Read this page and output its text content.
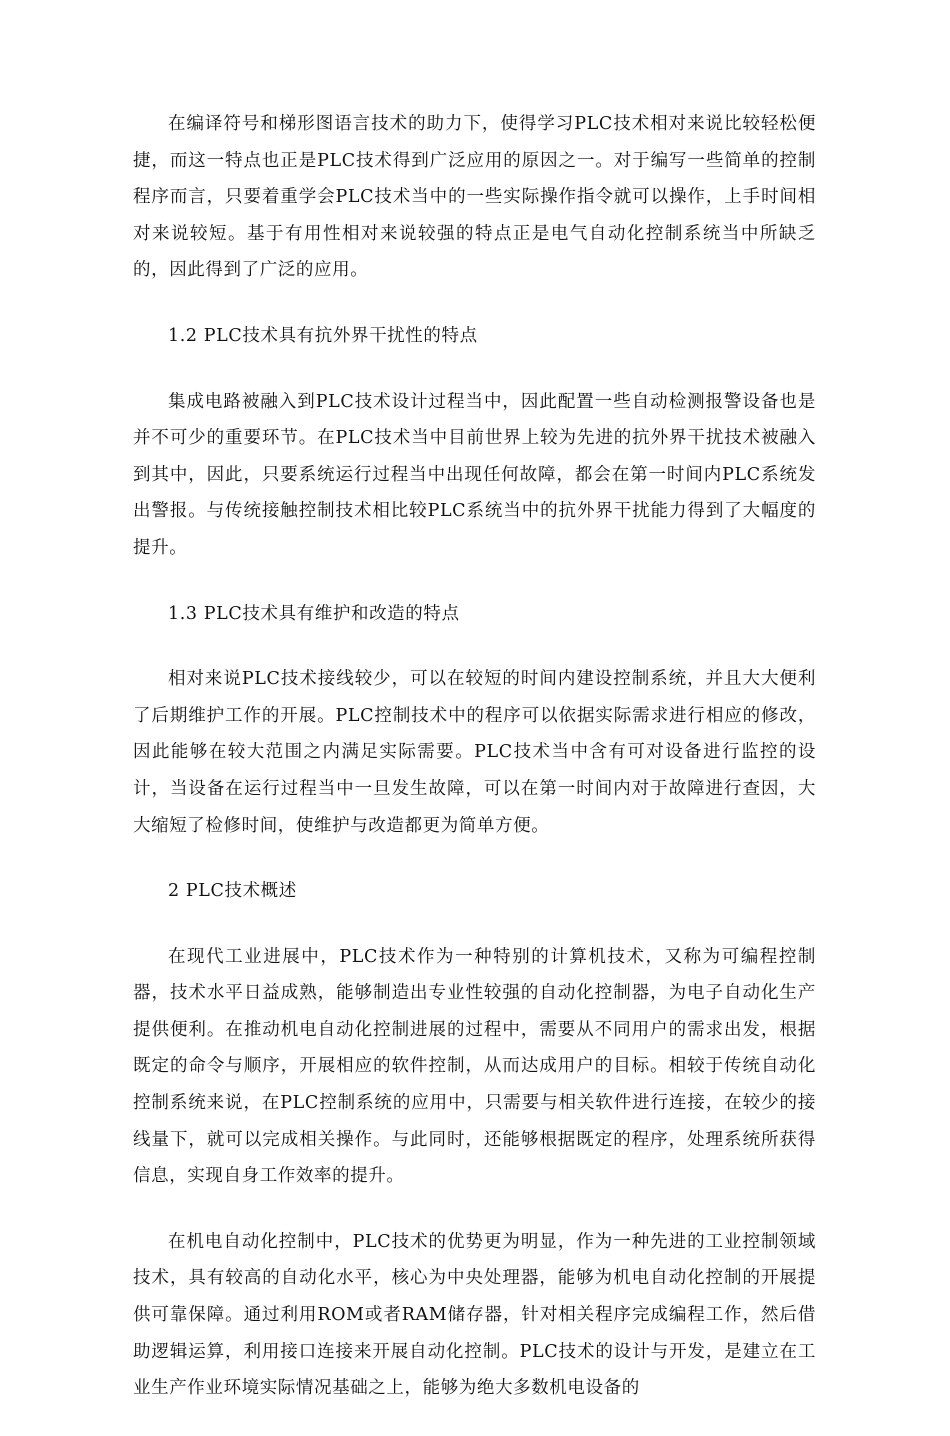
在编译符号和梯形图语言技术的助力下，使得学习PLC技术相对来说比较轻松便捷，而这一特点也正是PLC技术得到广泛应用的原因之一。对于编写一些简单的控制程序而言，只要着重学会PLC技术当中的一些实际操作指令就可以操作，上手时间相对来说较短。基于有用性相对来说较强的特点正是电气自动化控制系统当中所缺乏的，因此得到了广泛的应用。

1.2 PLC技术具有抗外界干扰性的特点

集成电路被融入到PLC技术设计过程当中，因此配置一些自动检测报警设备也是并不可少的重要环节。在PLC技术当中目前世界上较为先进的抗外界干扰技术被融入到其中，因此，只要系统运行过程当中出现任何故障，都会在第一时间内PLC系统发出警报。与传统接触控制技术相比较PLC系统当中的抗外界干扰能力得到了大幅度的提升。

1.3 PLC技术具有维护和改造的特点

相对来说PLC技术接线较少，可以在较短的时间内建设控制系统，并且大大便利了后期维护工作的开展。PLC控制技术中的程序可以依据实际需求进行相应的修改，因此能够在较大范围之内满足实际需要。PLC技术当中含有可对设备进行监控的设计，当设备在运行过程当中一旦发生故障，可以在第一时间内对于故障进行查因，大大缩短了检修时间，使维护与改造都更为简单方便。

2 PLC技术概述

在现代工业进展中，PLC技术作为一种特别的计算机技术，又称为可编程控制器，技术水平日益成熟，能够制造出专业性较强的自动化控制器，为电子自动化生产提供便利。在推动机电自动化控制进展的过程中，需要从不同用户的需求出发，根据既定的命令与顺序，开展相应的软件控制，从而达成用户的目标。相较于传统自动化控制系统来说，在PLC控制系统的应用中，只需要与相关软件进行连接，在较少的接线量下，就可以完成相关操作。与此同时，还能够根据既定的程序，处理系统所获得信息，实现自身工作效率的提升。

在机电自动化控制中，PLC技术的优势更为明显，作为一种先进的工业控制领域技术，具有较高的自动化水平，核心为中央处理器，能够为机电自动化控制的开展提供可靠保障。通过利用ROM或者RAM储存器，针对相关程序完成编程工作，然后借助逻辑运算，利用接口连接来开展自动化控制。PLC技术的设计与开发，是建立在工业生产作业环境实际情况基础之上，能够为绝大多数机电设备的
